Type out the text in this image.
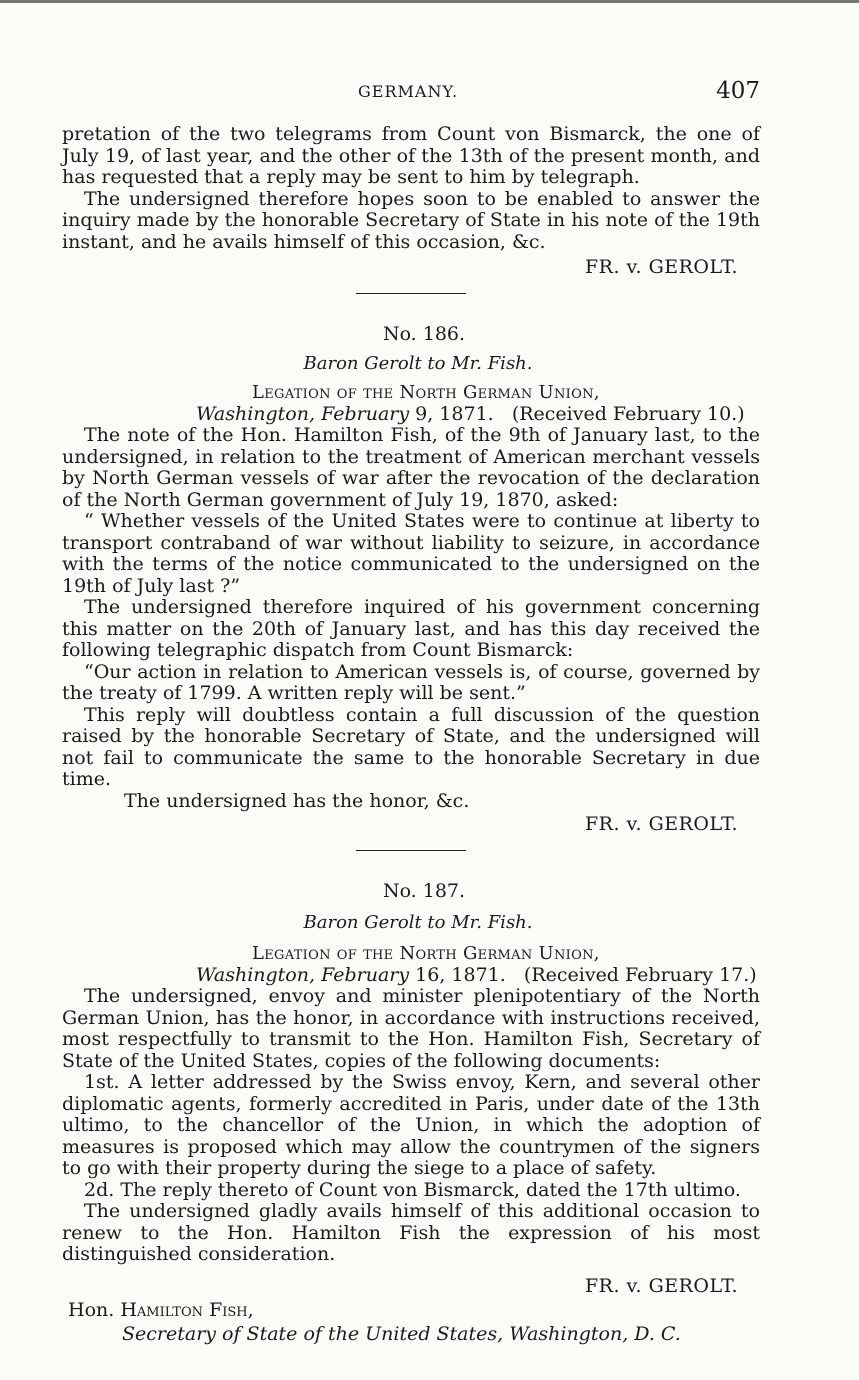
GERMANY.	407

pretation of the two telegrams from Count von Bismarck, the one of July 19, of last year, and the other of the 13th of the present month, and has requested that a reply may be sent to him by telegraph.

The undersigned therefore hopes soon to be enabled to answer the inquiry made by the honorable Secretary of State in his note of the 19th instant, and he avails himself of this occasion, &c.

FR. v. GEROLT.
No. 186.
Baron Gerolt to Mr. Fish.
Legation of the North German Union,
Washington, February 9, 1871.   (Received February 10.)

The note of the Hon. Hamilton Fish, of the 9th of January last, to the undersigned, in relation to the treatment of American merchant vessels by North German vessels of war after the revocation of the declaration of the North German government of July 19, 1870, asked:

“ Whether vessels of the United States were to continue at liberty to transport contraband of war without liability to seizure, in accordance with the terms of the notice communicated to the undersigned on the 19th of July last ?”

The undersigned therefore inquired of his government concerning this matter on the 20th of January last, and has this day received the following telegraphic dispatch from Count Bismarck:

“Our action in relation to American vessels is, of course, governed by the treaty of 1799. A written reply will be sent.”

This reply will doubtless contain a full discussion of the question raised by the honorable Secretary of State, and the undersigned will not fail to communicate the same to the honorable Secretary in due time.

The undersigned has the honor, &c.

FR. v. GEROLT.
No. 187.
Baron Gerolt to Mr. Fish.
Legation of the North German Union,
Washington, February 16, 1871.   (Received February 17.)

The undersigned, envoy and minister plenipotentiary of the North German Union, has the honor, in accordance with instructions received, most respectfully to transmit to the Hon. Hamilton Fish, Secretary of State of the United States, copies of the following documents:

1st. A letter addressed by the Swiss envoy, Kern, and several other diplomatic agents, formerly accredited in Paris, under date of the 13th ultimo, to the chancellor of the Union, in which the adoption of measures is proposed which may allow the countrymen of the signers to go with their property during the siege to a place of safety.

2d. The reply thereto of Count von Bismarck, dated the 17th ultimo.

The undersigned gladly avails himself of this additional occasion to renew to the Hon. Hamilton Fish the expression of his most distinguished consideration.

FR. v. GEROLT.
Hon. Hamilton Fish,
Secretary of State of the United States, Washington, D. C.
